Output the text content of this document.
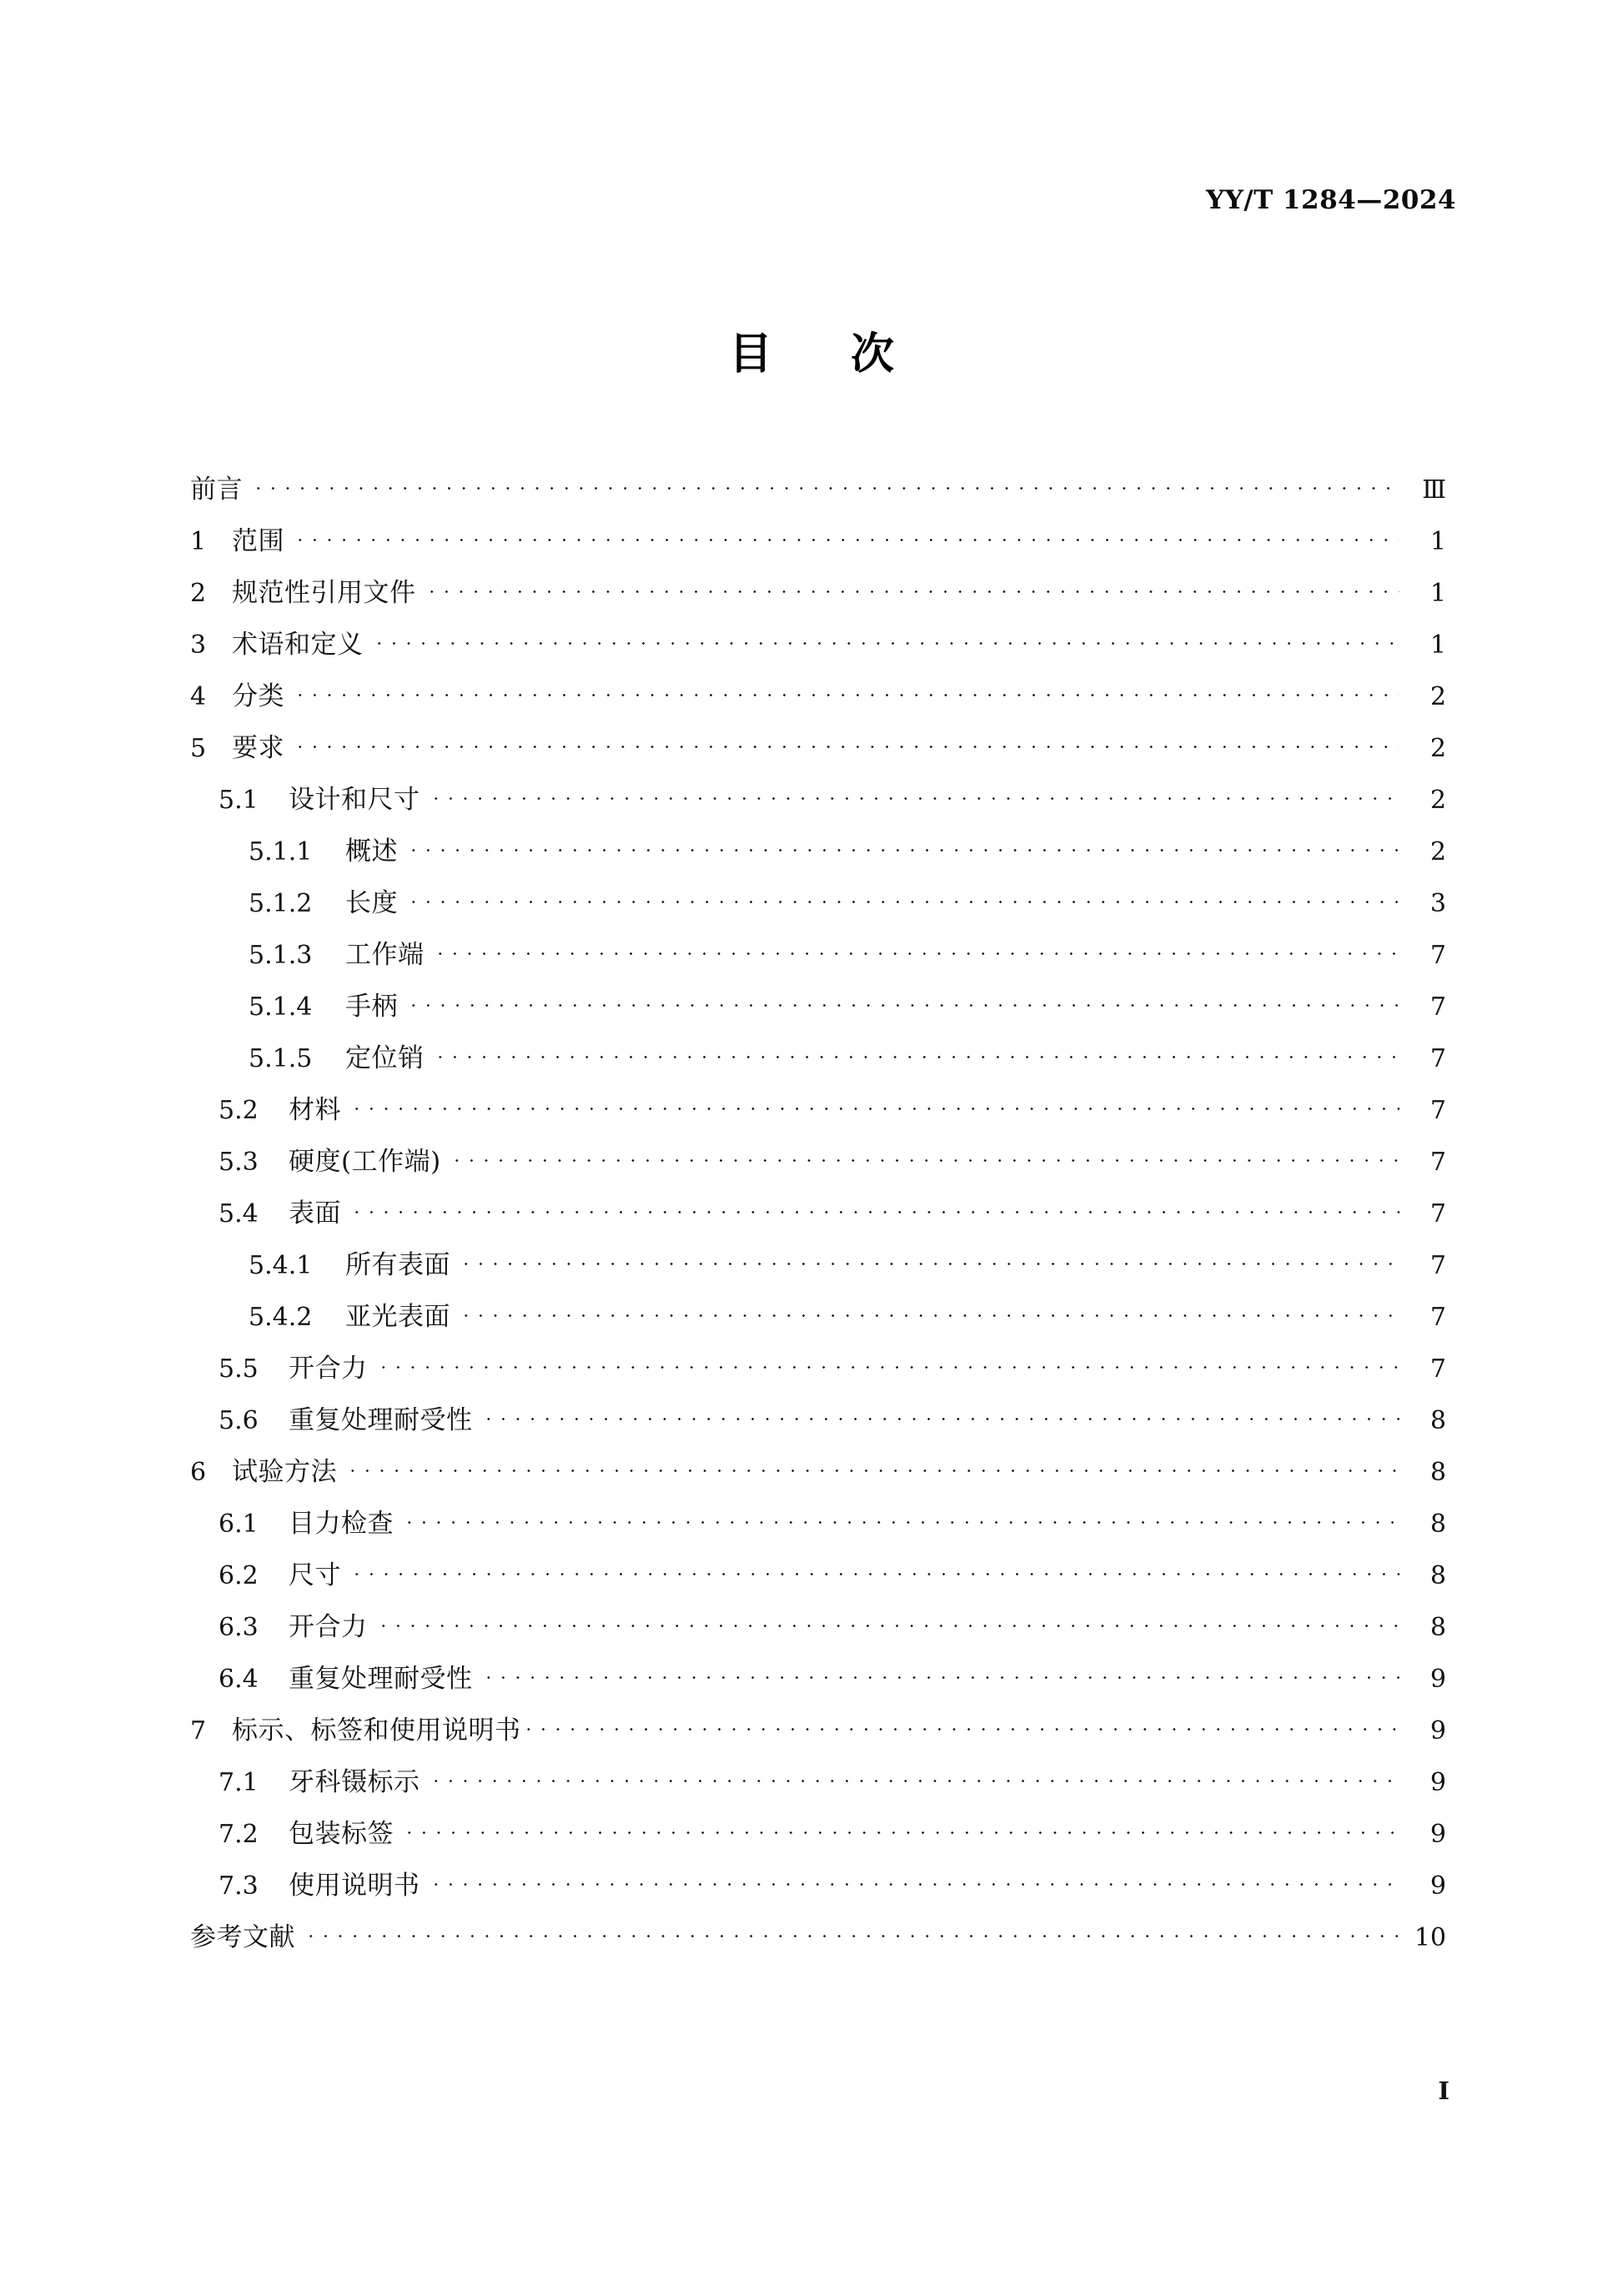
YY/T 1284—2024
目 次
前言	Ⅲ
1 范围	1
2 规范性引用文件	1
3 术语和定义	1
4 分类	2
5 要求	2
5.1	设计和尺寸	2
5.1.1	概述	2
5.1.2	长度	3
5.1.3	工作端	7
5.1.4	手柄	7
5.1.5	定位销	7
5.2	材料	7
5.3	硬度(工作端)	7
5.4	表面	7
5.4.1	所有表面	7
5.4.2	亚光表面	7
5.5	开合力	7
5.6	重复处理耐受性	8
6 试验方法	8
6.1	目力检查	8
6.2	尺寸	8
6.3	开合力	8
6.4	重复处理耐受性	9
7 标示、标签和使用说明书	9
7.1	牙科镊标示	9
7.2	包装标签	9
7.3	使用说明书	9
参考文献	10
Ⅰ
